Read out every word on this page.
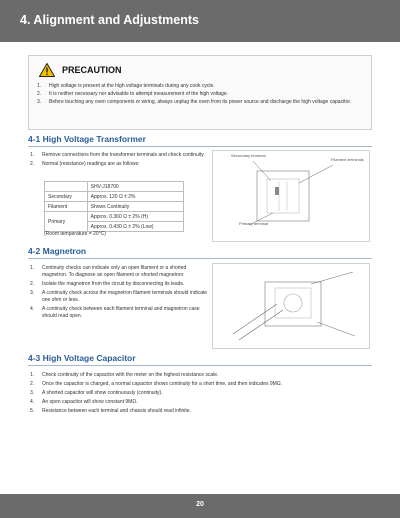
4. Alignment and Adjustments
PRECAUTION
1. High voltage is present at the high voltage terminals during any cook cycle.
2. It is neither necessary nor advisable to attempt measurement of the high voltage.
3. Before touching any oven components or wiring, always unplug the oven from its power source and discharge the high voltage capacitor.
4-1 High Voltage Transformer
1. Remove connections from the transformer terminals and check continuity.
2. Normal (resistance) readings are as follows:
	SHV-J18700
Secondary	Approx. 120 Ω ± 2%
Filament	Shows Continuity
Primary	Approx. 0.360 Ω ± 2% (H)
	Approx. 0.430 Ω ± 2% (Low)
(Room temperature = 20°C)
Secondary terminal
Filament terminals
Primary terminal
4-2 Magnetron
1. Continuity checks can indicate only an open filament or a shorted magnetron. To diagnose an open filament or shorted magnetron:
2. Isolate the magnetron from the circuit by disconnecting its leads.
3. A continuity check across the magnetron filament terminals should indicate one ohm or less.
4. A continuity check between each filament terminal and magnetron case should read open.
4-3 High Voltage Capacitor
1. Check continuity of the capacitor with the meter on the highest resistance scale.
2. Once the capacitor is charged, a normal capacitor shows continuity for a short time, and then indicates 9MΩ.
3. A shorted capacitor will show continuously (continuity).
4. An open capacitor will show constant 9MΩ.
5. Resistance between each terminal and chassis should read infinite.
20
